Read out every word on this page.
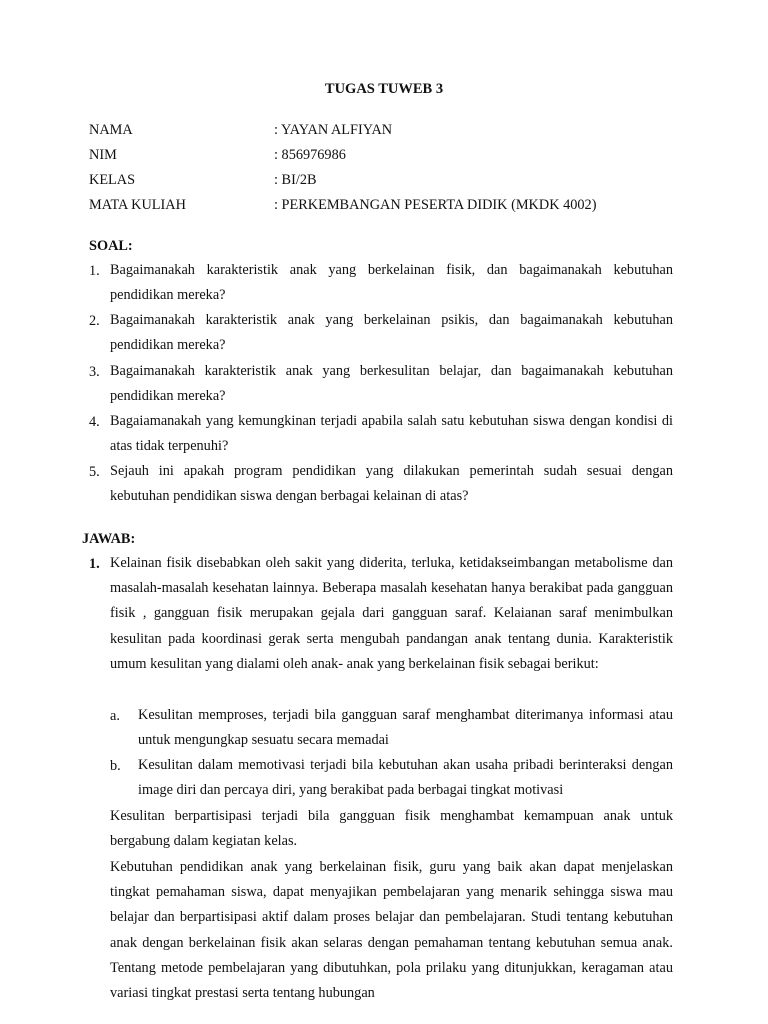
TUGAS TUWEB 3
NAMA	: YAYAN ALFIYAN
NIM	: 856976986
KELAS	: BI/2B
MATA KULIAH	: PERKEMBANGAN PESERTA DIDIK (MKDK 4002)
SOAL:
1. Bagaimanakah karakteristik anak yang berkelainan fisik, dan bagaimanakah kebutuhan pendidikan mereka?
2. Bagaimanakah karakteristik anak yang berkelainan psikis, dan bagaimanakah kebutuhan pendidikan mereka?
3. Bagaimanakah karakteristik anak yang berkesulitan belajar, dan bagaimanakah kebutuhan pendidikan mereka?
4. Bagaiamanakah yang kemungkinan terjadi apabila salah satu kebutuhan siswa dengan kondisi di atas tidak terpenuhi?
5. Sejauh ini apakah program pendidikan yang dilakukan pemerintah sudah sesuai dengan kebutuhan pendidikan siswa dengan berbagai kelainan di atas?
JAWAB:
1. Kelainan fisik disebabkan oleh sakit yang diderita, terluka, ketidakseimbangan metabolisme dan masalah-masalah kesehatan lainnya. Beberapa masalah kesehatan hanya berakibat pada gangguan fisik , gangguan fisik merupakan gejala dari gangguan saraf. Kelaianan saraf menimbulkan kesulitan pada koordinasi gerak serta mengubah pandangan anak tentang dunia. Karakteristik umum kesulitan yang dialami oleh anak- anak yang berkelainan fisik sebagai berikut:
a. Kesulitan memproses, terjadi bila gangguan saraf menghambat diterimanya informasi atau untuk mengungkap sesuatu secara memadai
b. Kesulitan dalam memotivasi terjadi bila kebutuhan akan usaha pribadi berinteraksi dengan image diri dan percaya diri, yang berakibat pada berbagai tingkat motivasi
Kesulitan berpartisipasi terjadi bila gangguan fisik menghambat kemampuan anak untuk bergabung dalam kegiatan kelas.
Kebutuhan pendidikan anak yang berkelainan fisik, guru yang baik akan dapat menjelaskan tingkat pemahaman siswa, dapat menyajikan pembelajaran yang menarik sehingga siswa mau belajar dan berpartisipasi aktif dalam proses belajar dan pembelajaran. Studi tentang kebutuhan anak dengan berkelainan fisik akan selaras dengan pemahaman tentang kebutuhan semua anak. Tentang metode pembelajaran yang dibutuhkan, pola prilaku yang ditunjukkan, keragaman atau variasi tingkat prestasi serta tentang hubungan
